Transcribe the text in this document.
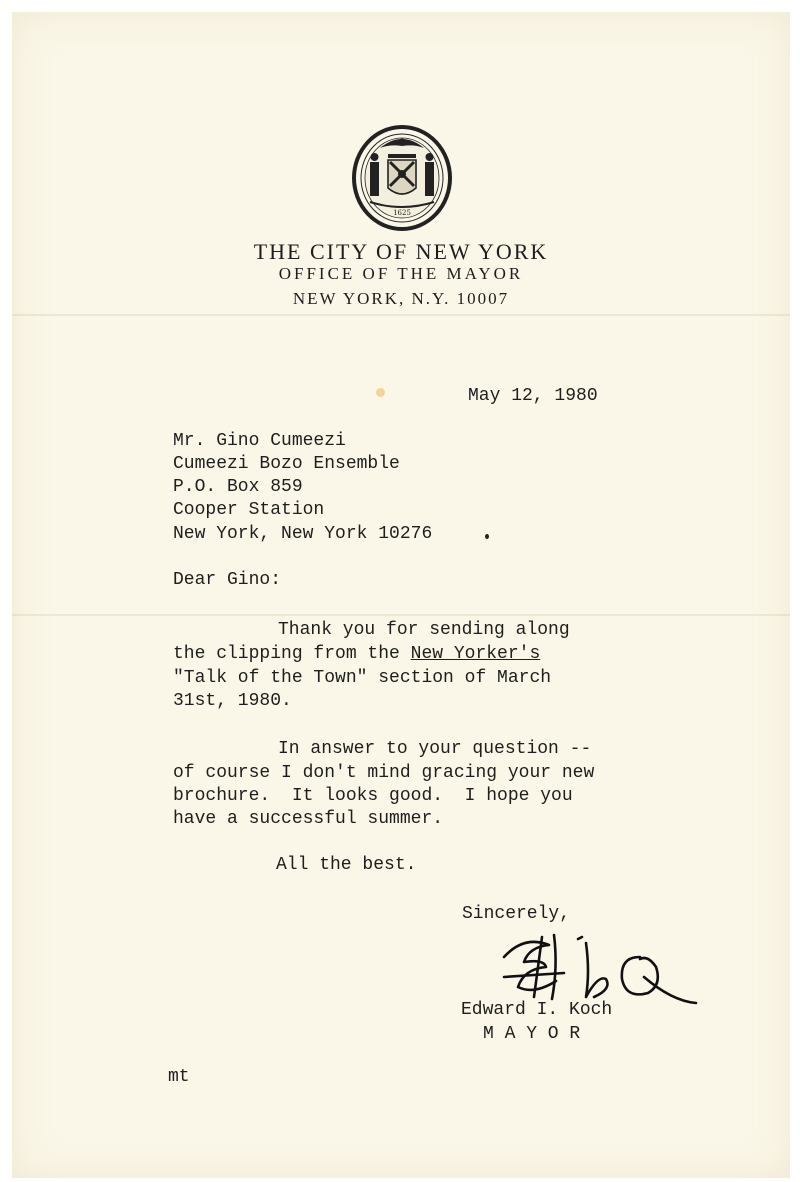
1625
THE CITY OF NEW YORK
OFFICE OF THE MAYOR
NEW YORK, N.Y. 10007
May 12, 1980
Mr. Gino Cumeezi
Cumeezi Bozo Ensemble
P.O. Box 859
Cooper Station
New York, New York 10276
Dear Gino:
Thank you for sending along
the clipping from the New Yorker's
"Talk of the Town" section of March
31st, 1980.
In answer to your question --
of course I don't mind gracing your new
brochure.  It looks good.  I hope you
have a successful summer.
All the best.
Sincerely,
Edward I. Koch
M A Y O R
mt
